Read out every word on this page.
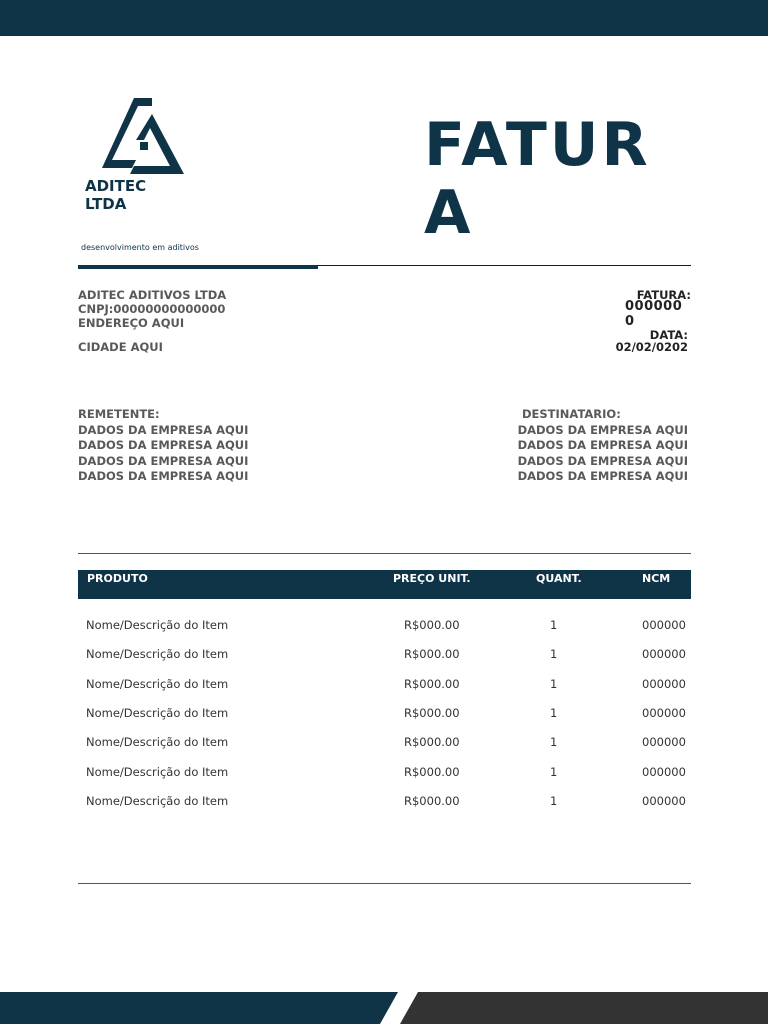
ADITEC LTDA
desenvolvimento em aditivos
FATURA
ADITEC ADITIVOS LTDA
CNPJ:00000000000000
ENDEREÇO AQUI
CIDADE AQUI
FATURA:
0000000
DATA:
02/02/0202
REMETENTE:
DADOS DA EMPRESA AQUI
DADOS DA EMPRESA AQUI
DADOS DA EMPRESA AQUI
DADOS DA EMPRESA AQUI
DESTINATARIO:
DADOS DA EMPRESA AQUI
DADOS DA EMPRESA AQUI
DADOS DA EMPRESA AQUI
DADOS DA EMPRESA AQUI
PRODUTO	PREÇO UNIT.	QUANT.	NCM
Nome/Descrição do Item	R$000.00	1	000000
Nome/Descrição do Item	R$000.00	1	000000
Nome/Descrição do Item	R$000.00	1	000000
Nome/Descrição do Item	R$000.00	1	000000
Nome/Descrição do Item	R$000.00	1	000000
Nome/Descrição do Item	R$000.00	1	000000
Nome/Descrição do Item	R$000.00	1	000000
